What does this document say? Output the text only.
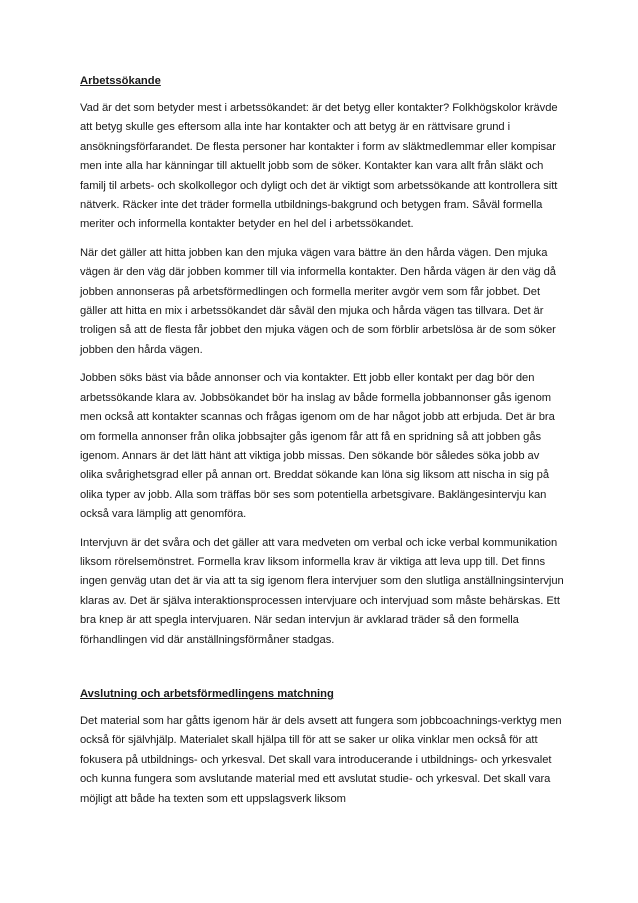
Arbetssökande

Vad är det som betyder mest i arbetssökandet: är det betyg eller kontakter? Folkhögskolor krävde att betyg skulle ges eftersom alla inte har kontakter och att betyg är en rättvisare grund i ansökningsförfarandet. De flesta personer har kontakter i form av släktmedlemmar eller kompisar men inte alla har känningar till aktuellt jobb som de söker. Kontakter kan vara allt från släkt och familj til arbets- och skolkollegor och dyligt och det är viktigt som arbetssökande att kontrollera sitt nätverk. Räcker inte det träder formella utbildnings-bakgrund och betygen fram. Såväl formella meriter och informella kontakter betyder en hel del i arbetssökandet.

När det gäller att hitta jobben kan den mjuka vägen vara bättre än den hårda vägen. Den mjuka vägen är den väg där jobben kommer till via informella kontakter. Den hårda vägen är den väg då jobben annonseras på arbetsförmedlingen och formella meriter avgör vem som får jobbet. Det gäller att hitta en mix i arbetssökandet där såväl den mjuka och hårda vägen tas tillvara. Det är troligen så att de flesta får jobbet den mjuka vägen och de som förblir arbetslösa är de som söker jobben den hårda vägen.

Jobben söks bäst via både annonser och via kontakter. Ett jobb eller kontakt per dag bör den arbetssökande klara av. Jobbsökandet bör ha inslag av både formella jobbannonser gås igenom men också att kontakter scannas och frågas igenom om de har något jobb att erbjuda. Det är bra om formella annonser från olika jobbsajter gås igenom får att få en spridning så att jobben gås igenom. Annars är det lätt hänt att viktiga jobb missas. Den sökande bör således söka jobb av olika svårighetsgrad eller på annan ort. Breddat sökande kan löna sig liksom att nischa in sig på olika typer av jobb. Alla som träffas bör ses som potentiella arbetsgivare. Baklängesintervju kan också vara lämplig att genomföra.

Intervjuvn är det svåra och det gäller att vara medveten om verbal och icke verbal kommunikation liksom rörelsemönstret. Formella krav liksom informella krav är viktiga att leva upp till. Det finns ingen genväg utan det är via att ta sig igenom flera intervjuer som den slutliga anställningsintervjun klaras av. Det är själva interaktionsprocessen intervjuare och intervjuad som måste behärskas. Ett bra knep är att spegla intervjuaren. När sedan intervjun är avklarad träder så den formella förhandlingen vid där anställningsförmåner stadgas.

Avslutning och arbetsförmedlingens matchning

Det material som har gåtts igenom här är dels avsett att fungera som jobbcoachnings-verktyg men också för självhjälp. Materialet skall hjälpa till för att se saker ur olika vinklar men också för att fokusera på utbildnings- och yrkesval. Det skall vara introducerande i utbildnings- och yrkesvalet och kunna fungera som avslutande material med ett avslutat studie- och yrkesval. Det skall vara möjligt att både ha texten som ett uppslagsverk liksom
